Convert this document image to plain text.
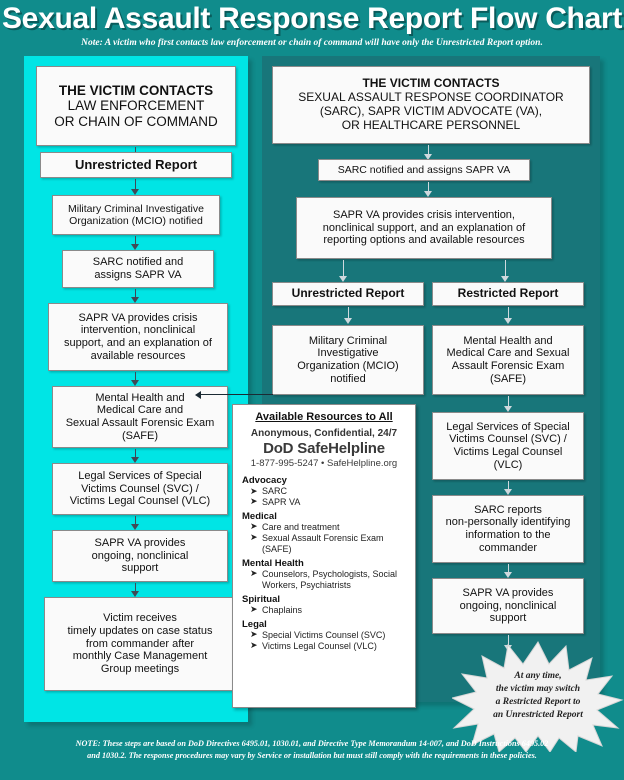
Sexual Assault Response Report Flow Chart
Note: A victim who first contacts law enforcement or chain of command will have only the Unrestricted Report option.
THE VICTIM CONTACTS
LAW ENFORCEMENT
OR CHAIN OF COMMAND
Unrestricted Report
Military Criminal Investigative
Organization (MCIO) notified
SARC notified and
assigns SAPR VA
SAPR VA provides crisis
intervention, nonclinical
support, and an explanation of
available resources
Mental Health and
Medical Care and
Sexual Assault Forensic Exam
(SAFE)
Legal Services of Special
Victims Counsel (SVC) /
Victims Legal Counsel (VLC)
SAPR VA provides
ongoing, nonclinical
support
Victim receives
timely updates on case status
from commander after
monthly Case Management
Group meetings
THE VICTIM CONTACTS
SEXUAL ASSAULT RESPONSE COORDINATOR
(SARC), SAPR VICTIM ADVOCATE (VA),
OR HEALTHCARE PERSONNEL
SARC notified and assigns SAPR VA
SAPR VA provides crisis intervention,
nonclinical support, and an explanation of
reporting options and available resources
Unrestricted Report	Restricted Report
Military Criminal
Investigative
Organization (MCIO)
notified
Mental Health and
Medical Care and Sexual
Assault Forensic Exam
(SAFE)
Legal Services of Special
Victims Counsel (SVC) /
Victims Legal Counsel
(VLC)
SARC reports
non-personally identifying
information to the
commander
SAPR VA provides
ongoing, nonclinical
support
Available Resources to All
Anonymous, Confidential, 24/7
DoD SafeHelpline
1-877-995-5247 • SafeHelpline.org
Advocacy
➤ SARC
➤ SAPR VA
Medical
➤ Care and treatment
➤ Sexual Assault Forensic Exam
(SAFE)
Mental Health
➤ Counselors, Psychologists, Social
Workers, Psychiatrists
Spiritual
➤ Chaplains
Legal
➤ Special Victims Counsel (SVC)
➤ Victims Legal Counsel (VLC)
At any time,
the victim may switch
a Restricted Report to
an Unrestricted Report
NOTE: These steps are based on DoD Directives 6495.01, 1030.01, and Directive Type Memorandum 14-007, and DoD Instructions 6495.02
and 1030.2. The response procedures may vary by Service or installation but must still comply with the requirements in these policies.
